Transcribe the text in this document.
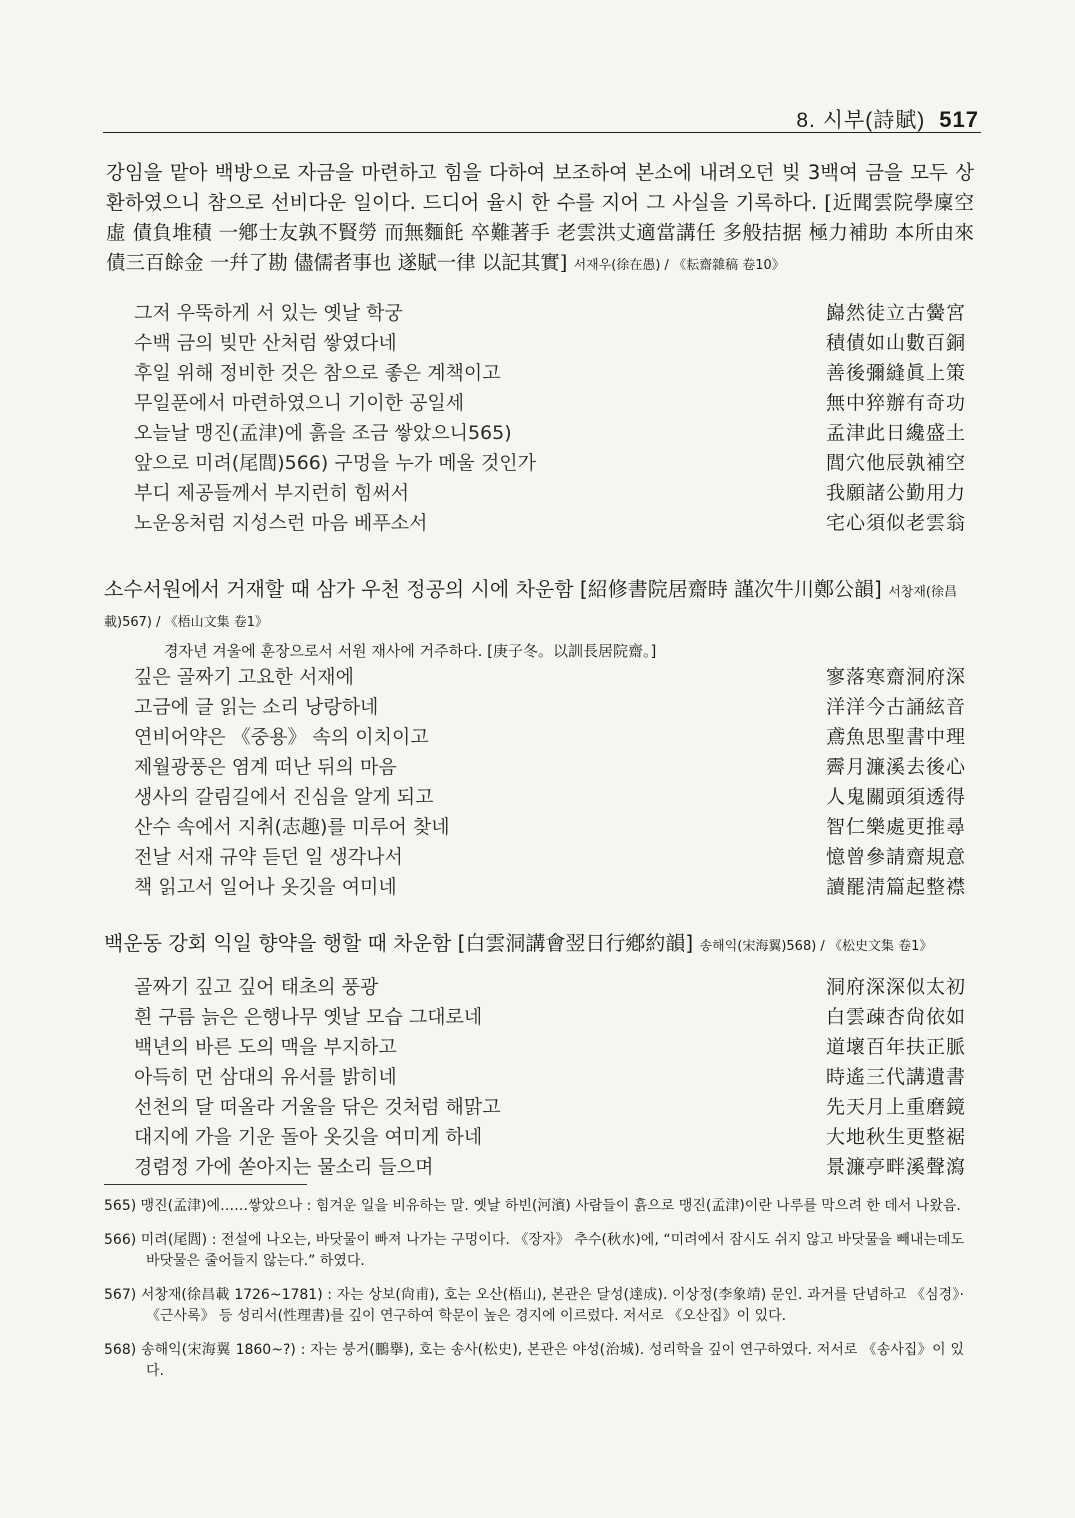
8. 시부(詩賦) 517
강임을 맡아 백방으로 자금을 마련하고 힘을 다하여 보조하여 본소에 내려오던 빚 3백여 금을 모두 상환하였으니 참으로 선비다운 일이다. 드디어 율시 한 수를 지어 그 사실을 기록하다. [近聞雲院學廩空虛 債負堆積 一鄕士友孰不賢勞 而無麵飥 卒難著手 老雲洪丈適當講任 多般拮据 極力補助 本所由來債三百餘金 一幷了勘 儘儒者事也 遂賦一律 以記其實] 서재우(徐在愚) / 《耘齋雜稿 卷10》
그저 우뚝하게 서 있는 옛날 학궁	巋然徒立古黌宮
수백 금의 빚만 산처럼 쌓였다네	積債如山數百銅
후일 위해 정비한 것은 참으로 좋은 계책이고	善後彌縫眞上策
무일푼에서 마련하였으니 기이한 공일세	無中猝辦有奇功
오늘날 맹진(孟津)에 흙을 조금 쌓았으니565)	孟津此日纔盛土
앞으로 미려(尾閭)566) 구멍을 누가 메울 것인가	閭穴他辰孰補空
부디 제공들께서 부지런히 힘써서	我願諸公勤用力
노운옹처럼 지성스런 마음 베푸소서	宅心須似老雲翁
소수서원에서 거재할 때 삼가 우천 정공의 시에 차운함 [紹修書院居齋時 謹次牛川鄭公韻] 서창재(徐昌載)567) / 《梧山文集 卷1》
경자년 겨울에 훈장으로서 서원 재사에 거주하다. [庚子冬。以訓長居院齋。]
깊은 골짜기 고요한 서재에	寥落寒齋洞府深
고금에 글 읽는 소리 낭랑하네	洋洋今古誦絃音
연비어약은 《중용》 속의 이치이고	鳶魚思聖書中理
제월광풍은 염계 떠난 뒤의 마음	霽月濂溪去後心
생사의 갈림길에서 진심을 알게 되고	人鬼關頭須透得
산수 속에서 지취(志趣)를 미루어 찾네	智仁樂處更推尋
전날 서재 규약 듣던 일 생각나서	憶曾參請齋規意
책 읽고서 일어나 옷깃을 여미네	讀罷淸篇起整襟
백운동 강회 익일 향약을 행할 때 차운함 [白雲洞講會翌日行鄕約韻] 송해익(宋海翼)568) / 《松史文集 卷1》
골짜기 깊고 깊어 태초의 풍광	洞府深深似太初
흰 구름 늙은 은행나무 옛날 모습 그대로네	白雲疎杏尙依如
백년의 바른 도의 맥을 부지하고	道壞百年扶正脈
아득히 먼 삼대의 유서를 밝히네	時遙三代講遺書
선천의 달 떠올라 거울을 닦은 것처럼 해맑고	先天月上重磨鏡
대지에 가을 기운 돌아 옷깃을 여미게 하네	大地秋生更整裾
경렴정 가에 쏟아지는 물소리 들으며	景濂亭畔溪聲瀉
565) 맹진(孟津)에……쌓았으나 : 힘겨운 일을 비유하는 말. 옛날 하빈(河濱) 사람들이 흙으로 맹진(孟津)이란 나루를 막으려 한 데서 나왔음.
566) 미려(尾閭) : 전설에 나오는, 바닷물이 빠져 나가는 구멍이다. 《장자》 추수(秋水)에, “미려에서 잠시도 쉬지 않고 바닷물을 빼내는데도 바닷물은 줄어들지 않는다.” 하였다.
567) 서창재(徐昌載 1726~1781) : 자는 상보(尙甫), 호는 오산(梧山), 본관은 달성(達成). 이상정(李象靖) 문인. 과거를 단념하고 《심경》·《근사록》 등 성리서(性理書)를 깊이 연구하여 학문이 높은 경지에 이르렀다. 저서로 《오산집》이 있다.
568) 송해익(宋海翼 1860~?) : 자는 붕거(鵬擧), 호는 송사(松史), 본관은 야성(治城). 성리학을 깊이 연구하였다. 저서로 《송사집》이 있다.
